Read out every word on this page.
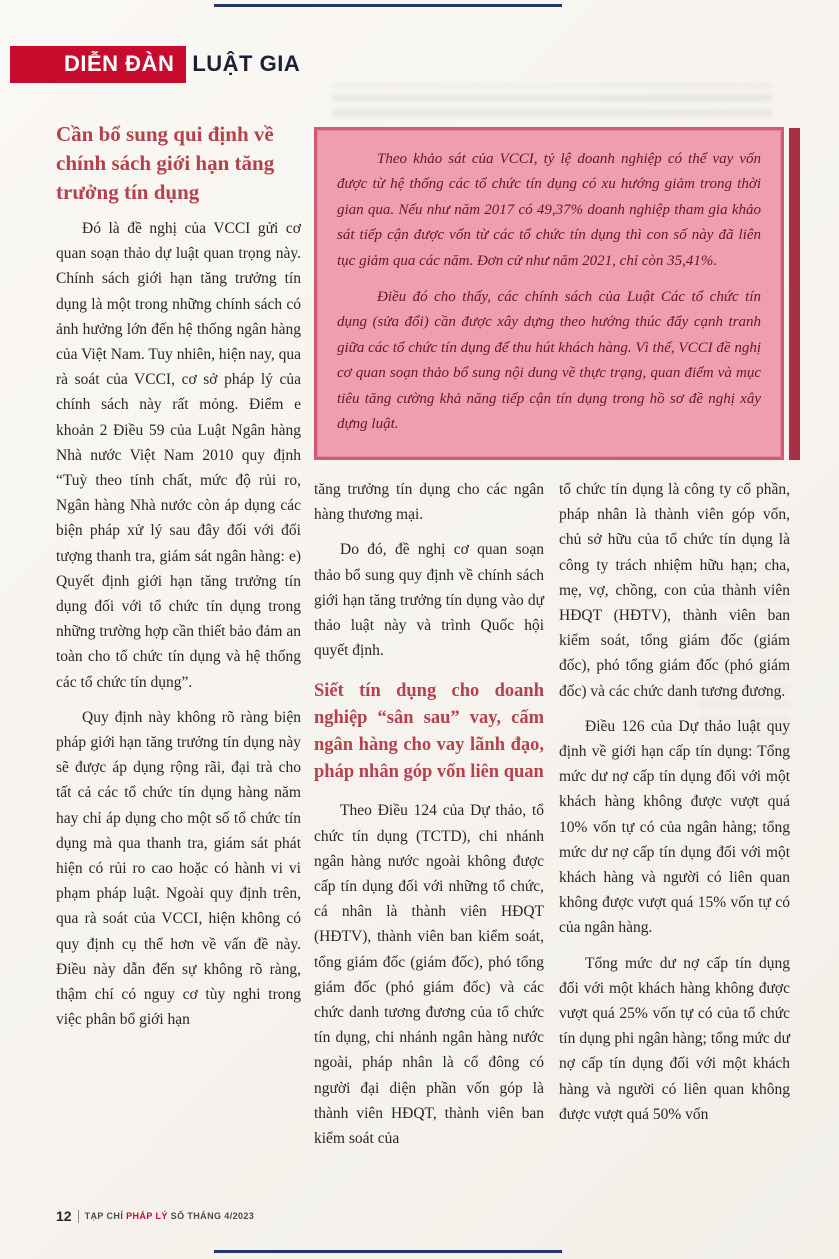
DIỄN ĐÀN LUẬT GIA
Cần bổ sung qui định về chính sách giới hạn tăng trưởng tín dụng

Theo khảo sát của VCCI, tỷ lệ doanh nghiệp có thể vay vốn được từ hệ thống các tổ chức tín dụng có xu hướng giảm trong thời gian qua. Nếu như năm 2017 có 49,37% doanh nghiệp tham gia khảo sát tiếp cận được vốn từ các tổ chức tín dụng thì con số này đã liên tục giảm qua các năm. Đơn cử như năm 2021, chỉ còn 35,41%.

Điều đó cho thấy, các chính sách của Luật Các tổ chức tín dụng (sửa đổi) cần được xây dựng theo hướng thúc đẩy cạnh tranh giữa các tổ chức tín dụng để thu hút khách hàng. Vì thế, VCCI đề nghị cơ quan soạn thảo bổ sung nội dung về thực trạng, quan điểm và mục tiêu tăng cường khả năng tiếp cận tín dụng trong hồ sơ đề nghị xây dựng luật.

Đó là đề nghị của VCCI gửi cơ quan soạn thảo dự luật quan trọng này. Chính sách giới hạn tăng trưởng tín dụng là một trong những chính sách có ảnh hưởng lớn đến hệ thống ngân hàng của Việt Nam. Tuy nhiên, hiện nay, qua rà soát của VCCI, cơ sở pháp lý của chính sách này rất mỏng. Điểm e khoản 2 Điều 59 của Luật Ngân hàng Nhà nước Việt Nam 2010 quy định “Tuỳ theo tính chất, mức độ rủi ro, Ngân hàng Nhà nước còn áp dụng các biện pháp xử lý sau đây đối với đối tượng thanh tra, giám sát ngân hàng: e) Quyết định giới hạn tăng trưởng tín dụng đối với tổ chức tín dụng trong những trường hợp cần thiết bảo đảm an toàn cho tổ chức tín dụng và hệ thống các tổ chức tín dụng”.

Quy định này không rõ ràng biện pháp giới hạn tăng trưởng tín dụng này sẽ được áp dụng rộng rãi, đại trà cho tất cả các tổ chức tín dụng hàng năm hay chỉ áp dụng cho một số tổ chức tín dụng mà qua thanh tra, giám sát phát hiện có rủi ro cao hoặc có hành vi vi phạm pháp luật. Ngoài quy định trên, qua rà soát của VCCI, hiện không có quy định cụ thể hơn về vấn đề này. Điều này dẫn đến sự không rõ ràng, thậm chí có nguy cơ tùy nghi trong việc phân bổ giới hạn

tăng trưởng tín dụng cho các ngân hàng thương mại.

Do đó, đề nghị cơ quan soạn thảo bổ sung quy định về chính sách giới hạn tăng trưởng tín dụng vào dự thảo luật này và trình Quốc hội quyết định.

Siết tín dụng cho doanh nghiệp “sân sau” vay, cấm ngân hàng cho vay lãnh đạo, pháp nhân góp vốn liên quan

Theo Điều 124 của Dự thảo, tổ chức tín dụng (TCTD), chi nhánh ngân hàng nước ngoài không được cấp tín dụng đối với những tổ chức, cá nhân là thành viên HĐQT (HĐTV), thành viên ban kiểm soát, tổng giám đốc (giám đốc), phó tổng giám đốc (phó giám đốc) và các chức danh tương đương của tổ chức tín dụng, chi nhánh ngân hàng nước ngoài, pháp nhân là cổ đông có người đại diện phần vốn góp là thành viên HĐQT, thành viên ban kiểm soát của

tổ chức tín dụng là công ty cổ phần, pháp nhân là thành viên góp vốn, chủ sở hữu của tổ chức tín dụng là công ty trách nhiệm hữu hạn; cha, mẹ, vợ, chồng, con của thành viên HĐQT (HĐTV), thành viên ban kiểm soát, tổng giám đốc (giám đốc), phó tổng giám đốc (phó giám đốc) và các chức danh tương đương.

Điều 126 của Dự thảo luật quy định về giới hạn cấp tín dụng: Tổng mức dư nợ cấp tín dụng đối với một khách hàng không được vượt quá 10% vốn tự có của ngân hàng; tổng mức dư nợ cấp tín dụng đối với một khách hàng và người có liên quan không được vượt quá 15% vốn tự có của ngân hàng.

Tổng mức dư nợ cấp tín dụng đối với một khách hàng không được vượt quá 25% vốn tự có của tổ chức tín dụng phi ngân hàng; tổng mức dư nợ cấp tín dụng đối với một khách hàng và người có liên quan không được vượt quá 50% vốn

12 TẠP CHÍ PHÁP LÝ SỐ THÁNG 4/2023
